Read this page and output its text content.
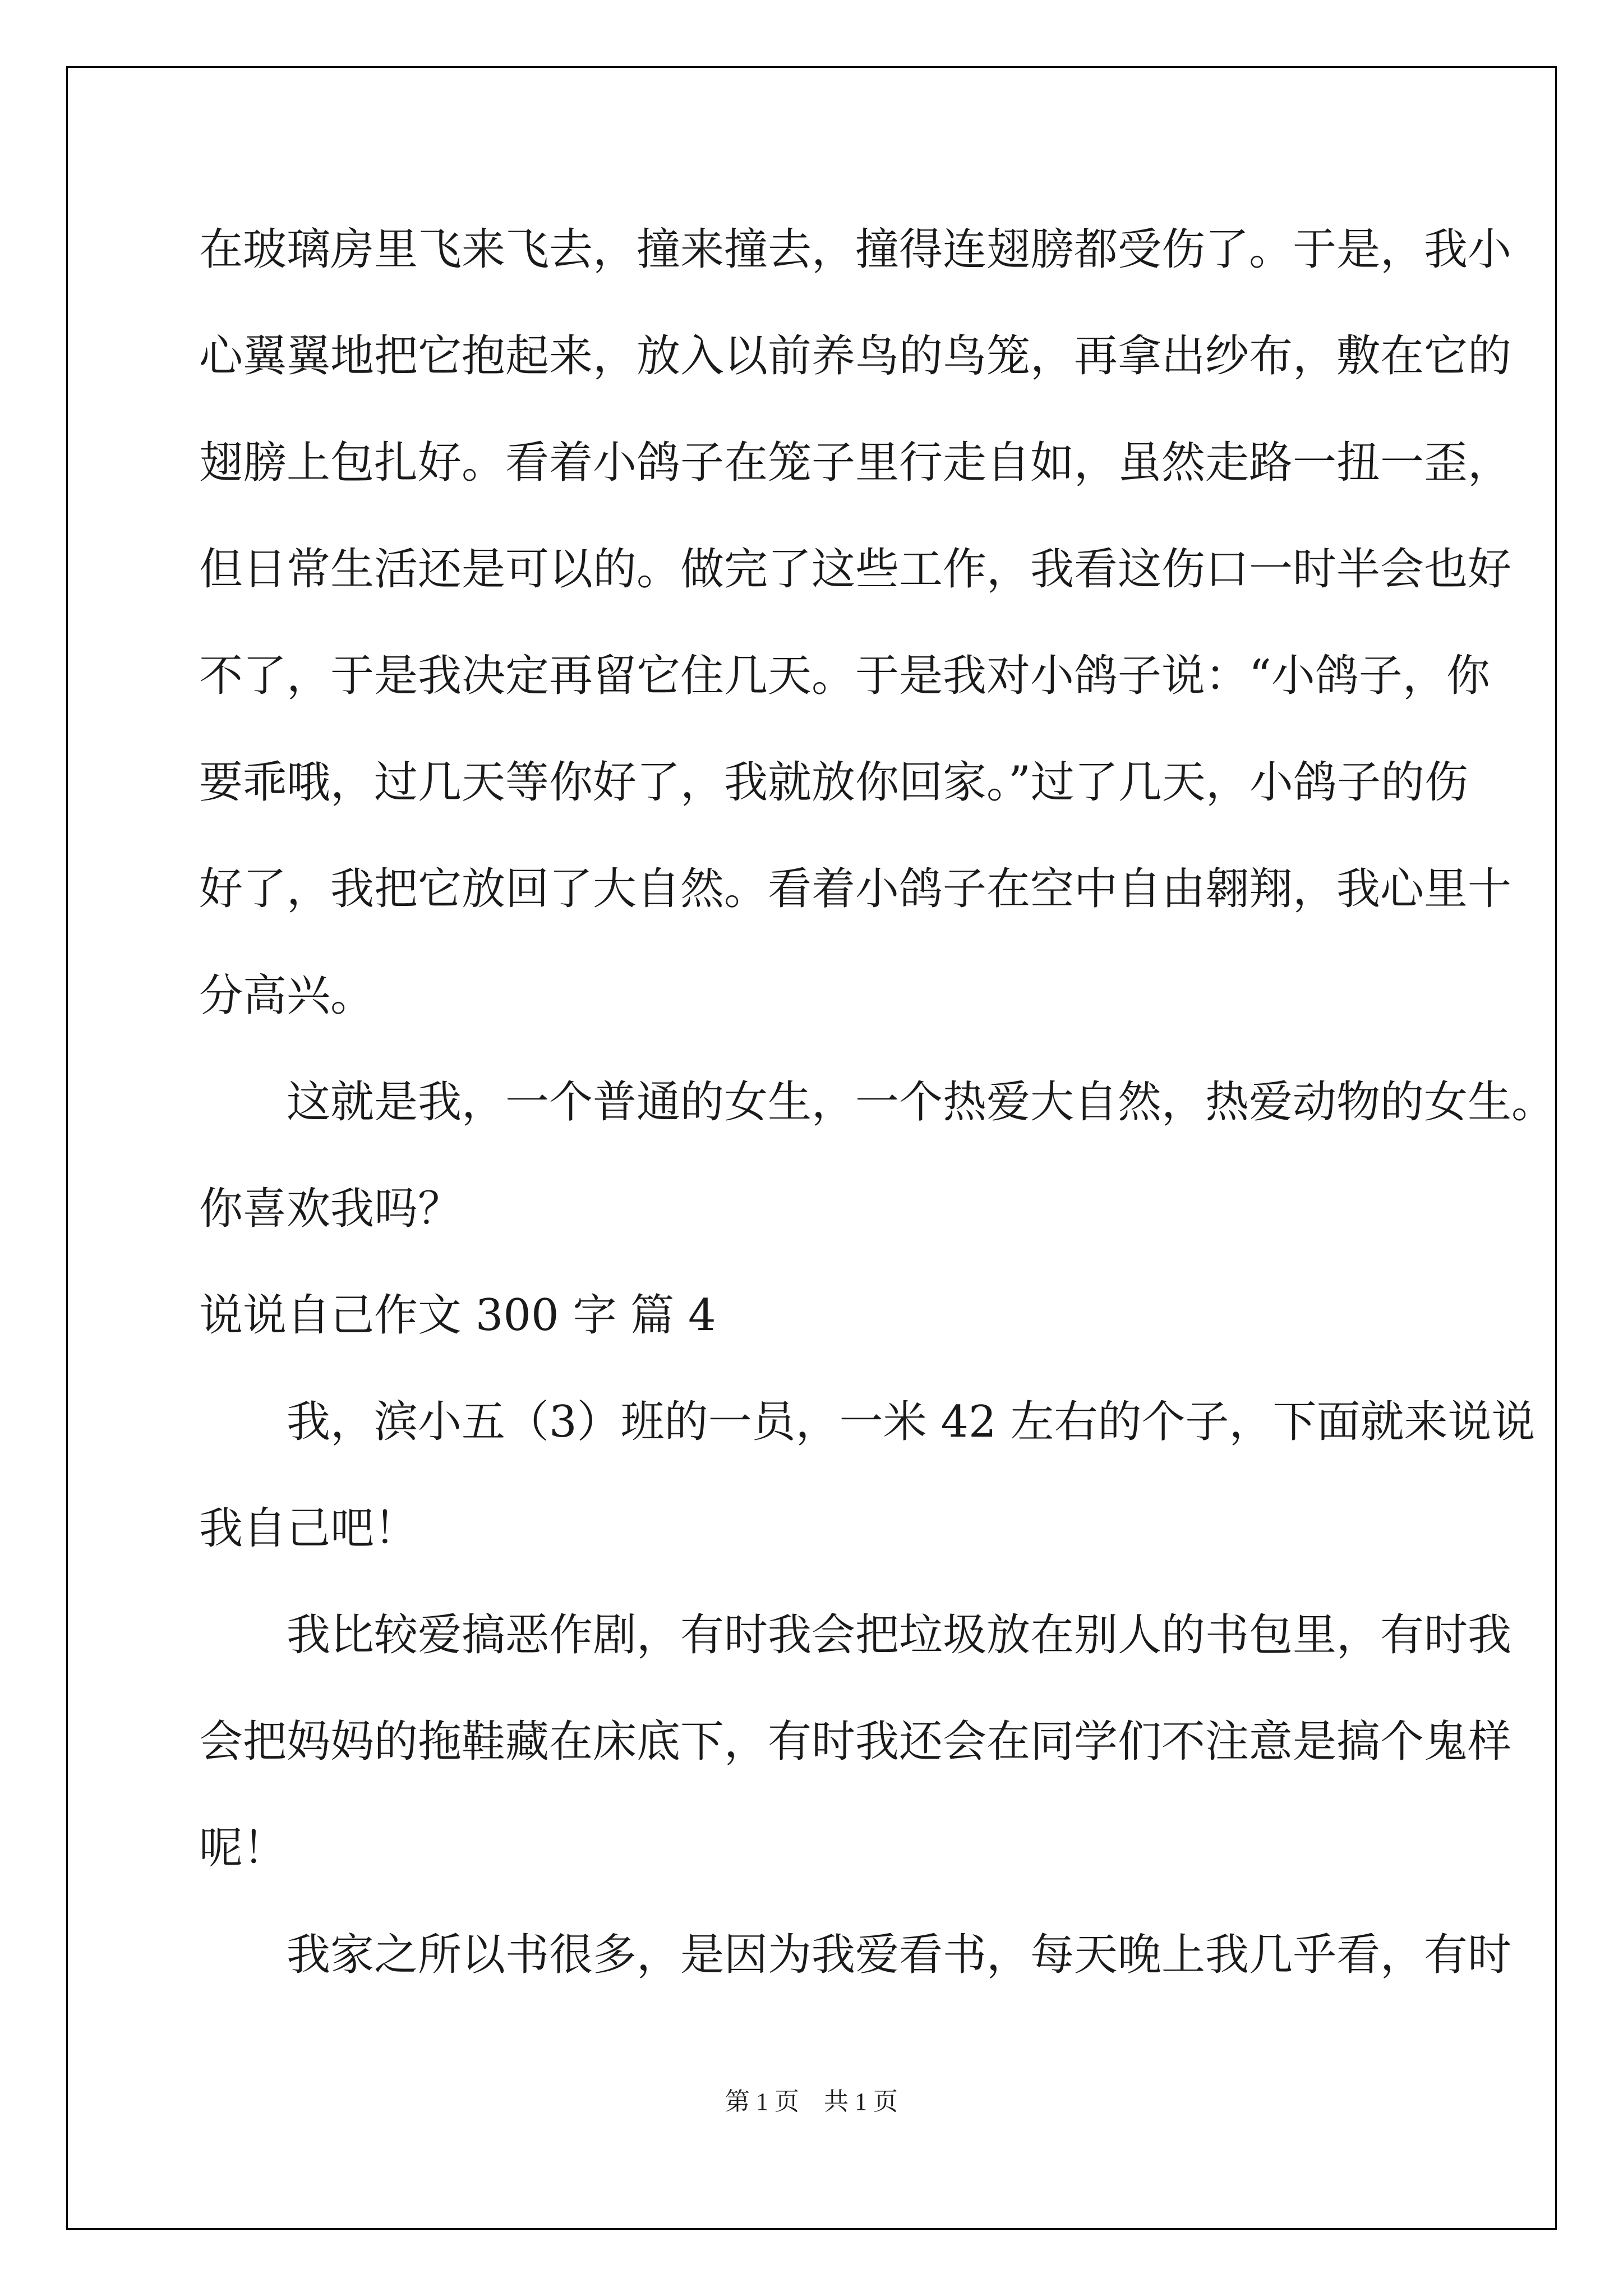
在玻璃房里飞来飞去，撞来撞去，撞得连翅膀都受伤了。于是，我小
心翼翼地把它抱起来，放入以前养鸟的鸟笼，再拿出纱布，敷在它的
翅膀上包扎好。看着小鸽子在笼子里行走自如，虽然走路一扭一歪，
但日常生活还是可以的。做完了这些工作，我看这伤口一时半会也好
不了，于是我决定再留它住几天。于是我对小鸽子说：“小鸽子，你
要乖哦，过几天等你好了，我就放你回家。”过了几天，小鸽子的伤
好了，我把它放回了大自然。看着小鸽子在空中自由翱翔，我心里十
分高兴。
　　这就是我，一个普通的女生，一个热爱大自然，热爱动物的女生。
你喜欢我吗？
说说自己作文 300 字 篇 4
　　我，滨小五（3）班的一员，一米 42 左右的个子，下面就来说说
我自己吧！
　　我比较爱搞恶作剧，有时我会把垃圾放在别人的书包里，有时我
会把妈妈的拖鞋藏在床底下，有时我还会在同学们不注意是搞个鬼样
呢！
　　我家之所以书很多，是因为我爱看书，每天晚上我几乎看，有时
第 1 页　共 1 页
